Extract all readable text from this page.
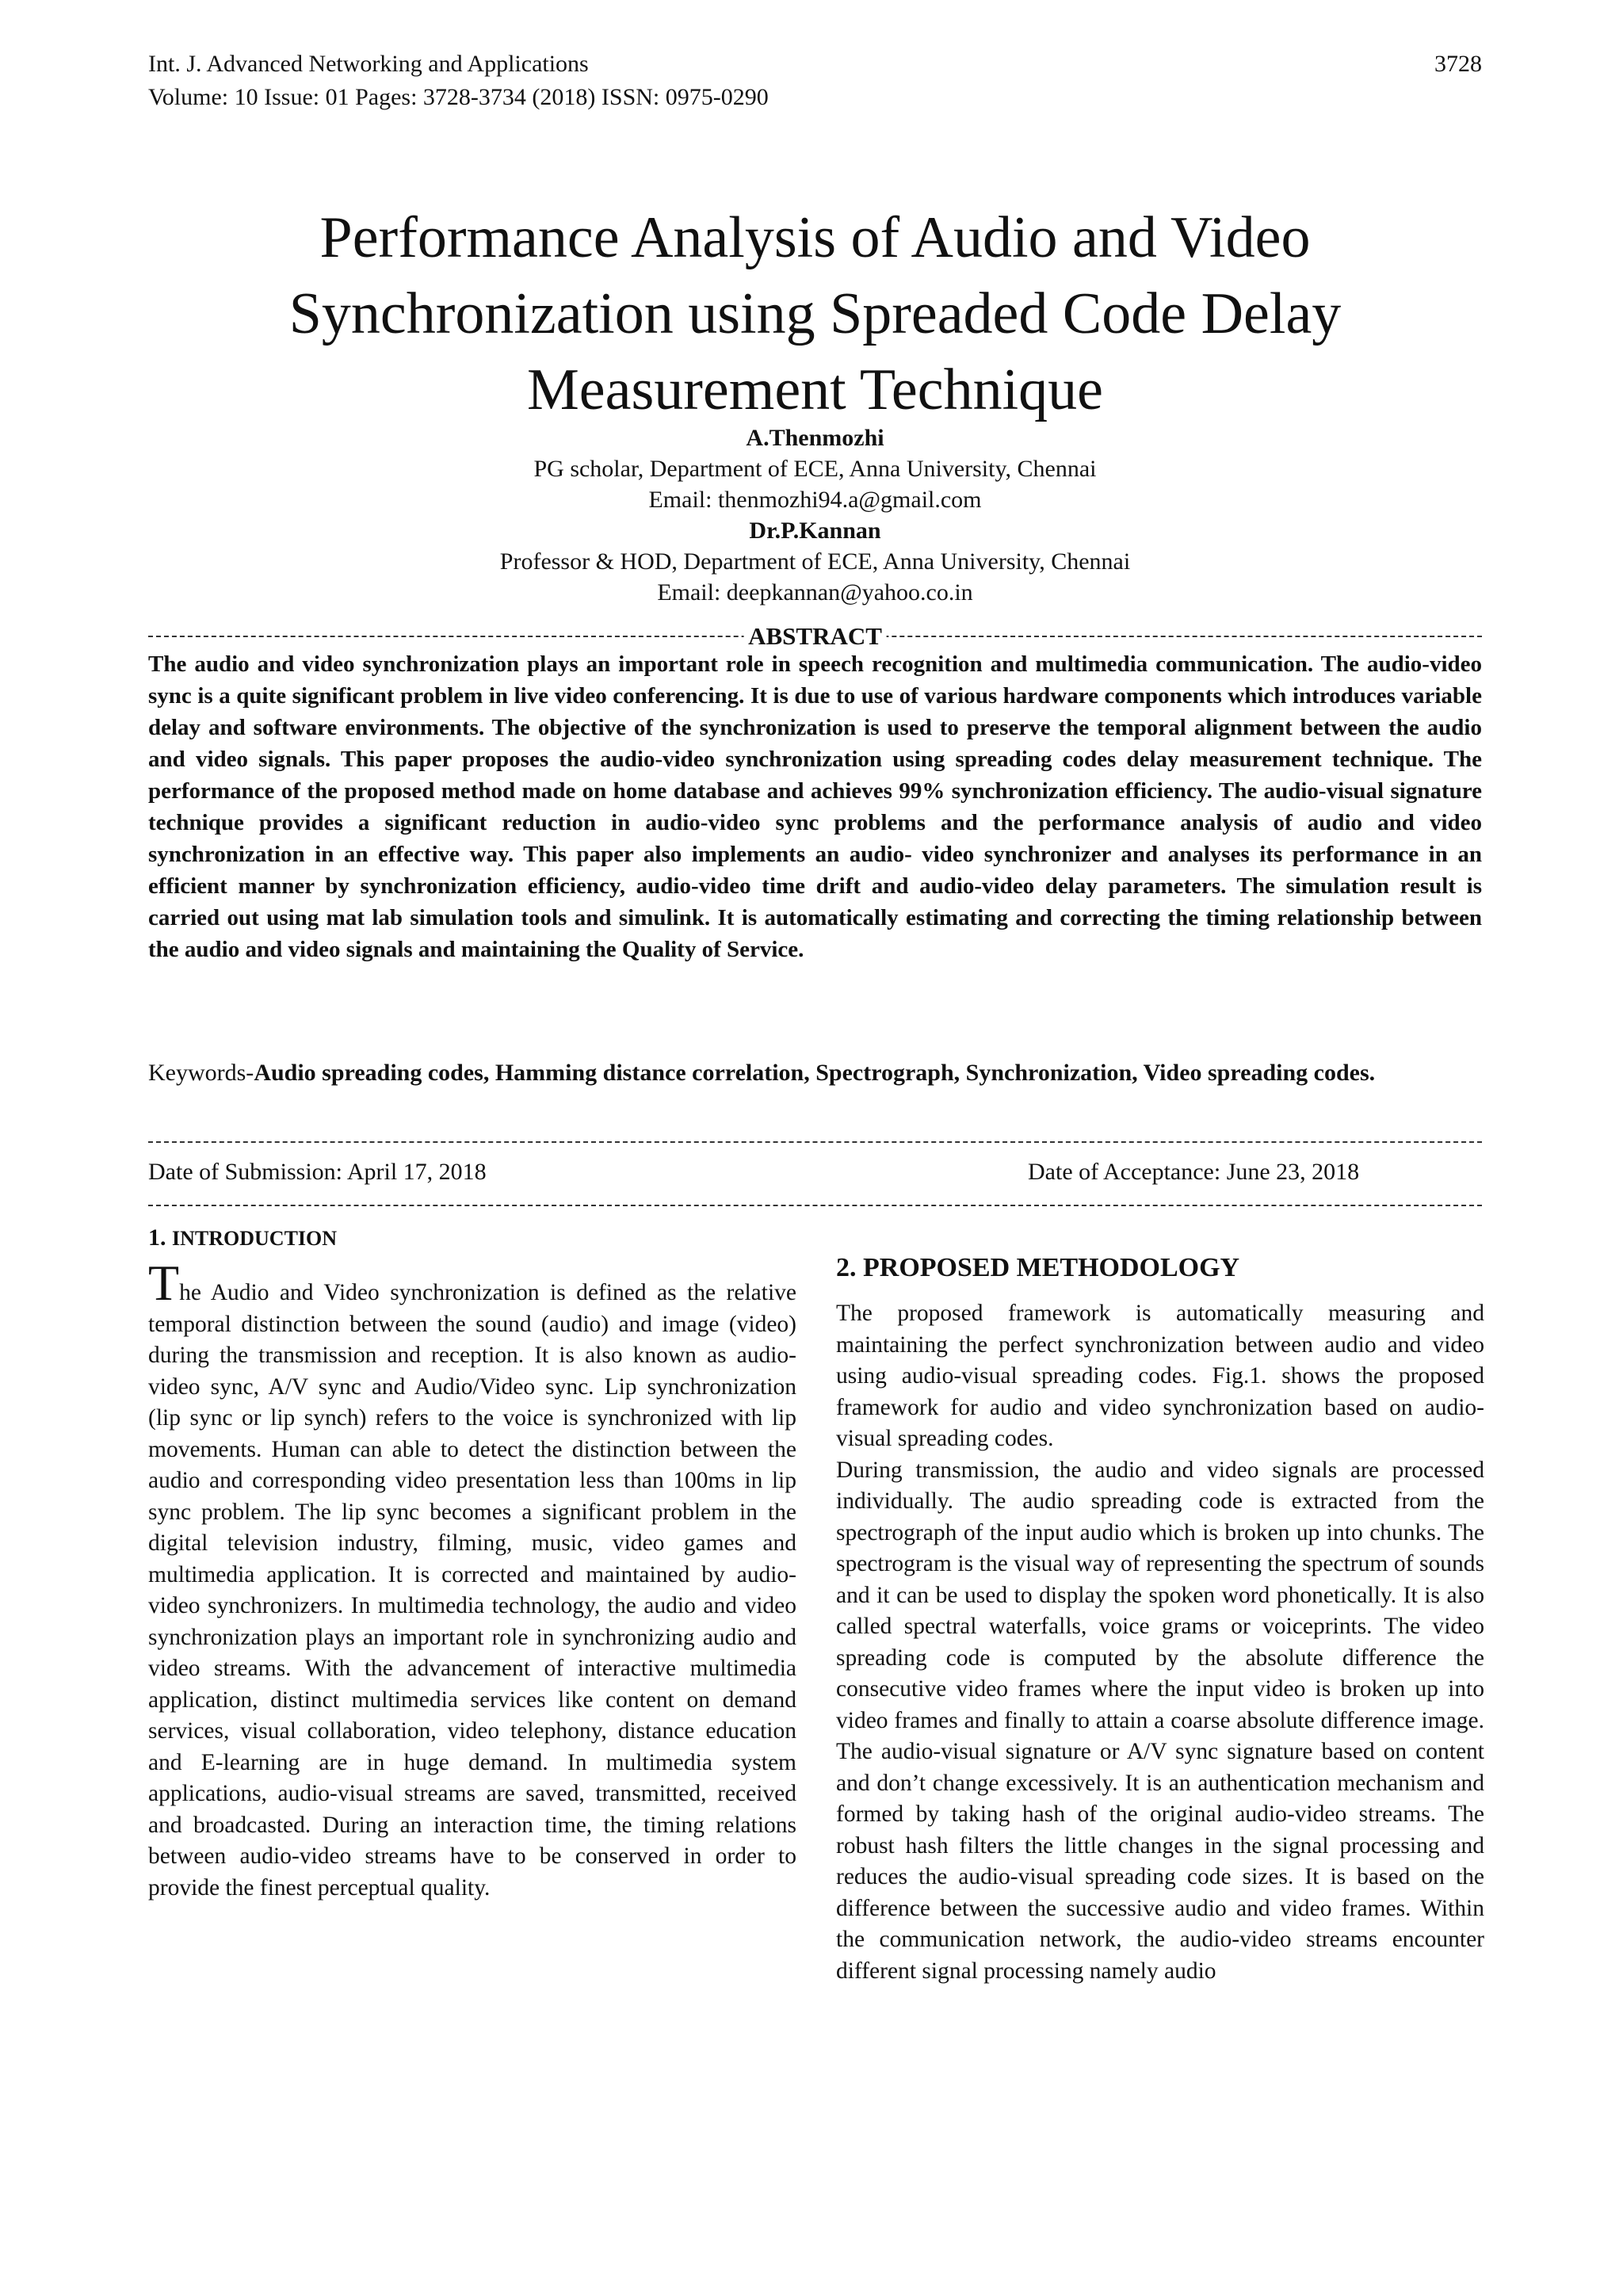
Int. J. Advanced Networking and Applications
Volume: 10 Issue: 01 Pages: 3728-3734 (2018) ISSN: 0975-0290
3728
Performance Analysis of Audio and Video
Synchronization using Spreaded Code Delay
Measurement Technique
A.Thenmozhi
PG scholar, Department of ECE, Anna University, Chennai
Email: thenmozhi94.a@gmail.com
Dr.P.Kannan
Professor & HOD, Department of ECE, Anna University, Chennai
Email: deepkannan@yahoo.co.in
ABSTRACT

The audio and video synchronization plays an important role in speech recognition and multimedia communication. The audio-video sync is a quite significant problem in live video conferencing. It is due to use of various hardware components which introduces variable delay and software environments. The objective of the synchronization is used to preserve the temporal alignment between the audio and video signals. This paper proposes the audio-video synchronization using spreading codes delay measurement technique. The performance of the proposed method made on home database and achieves 99% synchronization efficiency. The audio-visual signature technique provides a significant reduction in audio-video sync problems and the performance analysis of audio and video synchronization in an effective way. This paper also implements an audio- video synchronizer and analyses its performance in an efficient manner by synchronization efficiency, audio-video time drift and audio-video delay parameters. The simulation result is carried out using mat lab simulation tools and simulink. It is automatically estimating and correcting the timing relationship between the audio and video signals and maintaining the Quality of Service.

Keywords-Audio spreading codes, Hamming distance correlation, Spectrograph, Synchronization, Video spreading codes.

Date of Submission: April 17, 2018	Date of Acceptance: June 23, 2018
1. INTRODUCTION

The Audio and Video synchronization is defined as the relative temporal distinction between the sound (audio) and image (video) during the transmission and reception. It is also known as audio-video sync, A/V sync and Audio/Video sync. Lip synchronization (lip sync or lip synch) refers to the voice is synchronized with lip movements. Human can able to detect the distinction between the audio and corresponding video presentation less than 100ms in lip sync problem. The lip sync becomes a significant problem in the digital television industry, filming, music, video games and multimedia application. It is corrected and maintained by audio-video synchronizers. In multimedia technology, the audio and video synchronization plays an important role in synchronizing audio and video streams. With the advancement of interactive multimedia application, distinct multimedia services like content on demand services, visual collaboration, video telephony, distance education and E-learning are in huge demand. In multimedia system applications, audio-visual streams are saved, transmitted, received and broadcasted. During an interaction time, the timing relations between audio-video streams have to be conserved in order to provide the finest perceptual quality.

2. PROPOSED METHODOLOGY

The proposed framework is automatically measuring and maintaining the perfect synchronization between audio and video using audio-visual spreading codes. Fig.1. shows the proposed framework for audio and video synchronization based on audio-visual spreading codes.

During transmission, the audio and video signals are processed individually. The audio spreading code is extracted from the spectrograph of the input audio which is broken up into chunks. The spectrogram is the visual way of representing the spectrum of sounds and it can be used to display the spoken word phonetically. It is also called spectral waterfalls, voice grams or voiceprints. The video spreading code is computed by the absolute difference the consecutive video frames where the input video is broken up into video frames and finally to attain a coarse absolute difference image. The audio-visual signature or A/V sync signature based on content and don’t change excessively. It is an authentication mechanism and formed by taking hash of the original audio-video streams. The robust hash filters the little changes in the signal processing and reduces the audio-visual spreading code sizes. It is based on the difference between the successive audio and video frames. Within the communication network, the audio-video streams encounter different signal processing namely audio
